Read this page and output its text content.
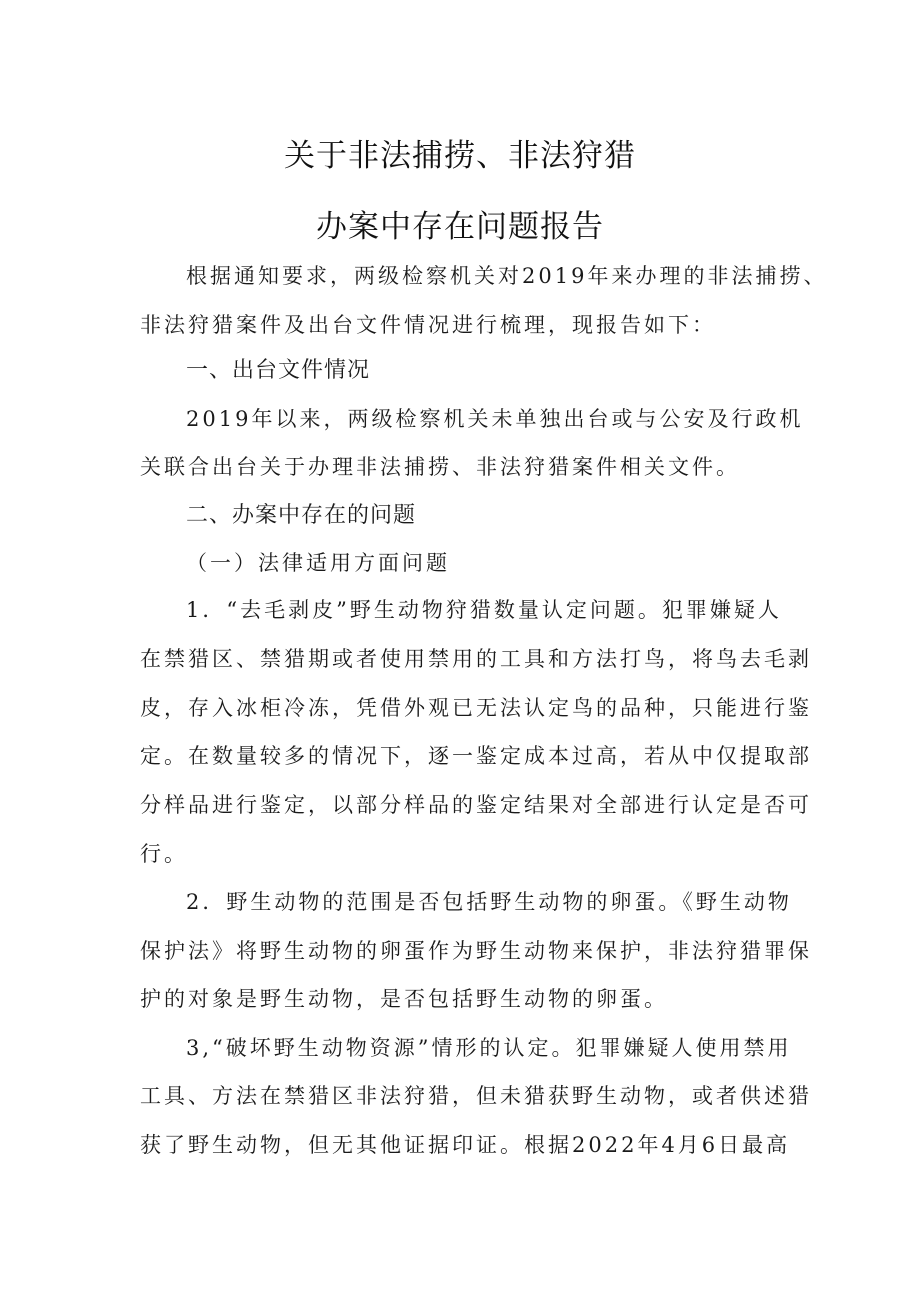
关于非法捕捞、非法狩猎
办案中存在问题报告
根据通知要求，两级检察机关对2019年来办理的非法捕捞、
非法狩猎案件及出台文件情况进行梳理，现报告如下：
一、出台文件情况
2019年以来，两级检察机关未单独出台或与公安及行政机
关联合出台关于办理非法捕捞、非法狩猎案件相关文件。
二、办案中存在的问题
（一）法律适用方面问题
1．“去毛剥皮”野生动物狩猎数量认定问题。犯罪嫌疑人
在禁猎区、禁猎期或者使用禁用的工具和方法打鸟，将鸟去毛剥
皮，存入冰柜冷冻，凭借外观已无法认定鸟的品种，只能进行鉴
定。在数量较多的情况下，逐一鉴定成本过高，若从中仅提取部
分样品进行鉴定，以部分样品的鉴定结果对全部进行认定是否可
行。
2．野生动物的范围是否包括野生动物的卵蛋。《野生动物
保护法》将野生动物的卵蛋作为野生动物来保护，非法狩猎罪保
护的对象是野生动物，是否包括野生动物的卵蛋。
3,“破坏野生动物资源”情形的认定。犯罪嫌疑人使用禁用
工具、方法在禁猎区非法狩猎，但未猎获野生动物，或者供述猎
获了野生动物，但无其他证据印证。根据2022年4月6日最高
